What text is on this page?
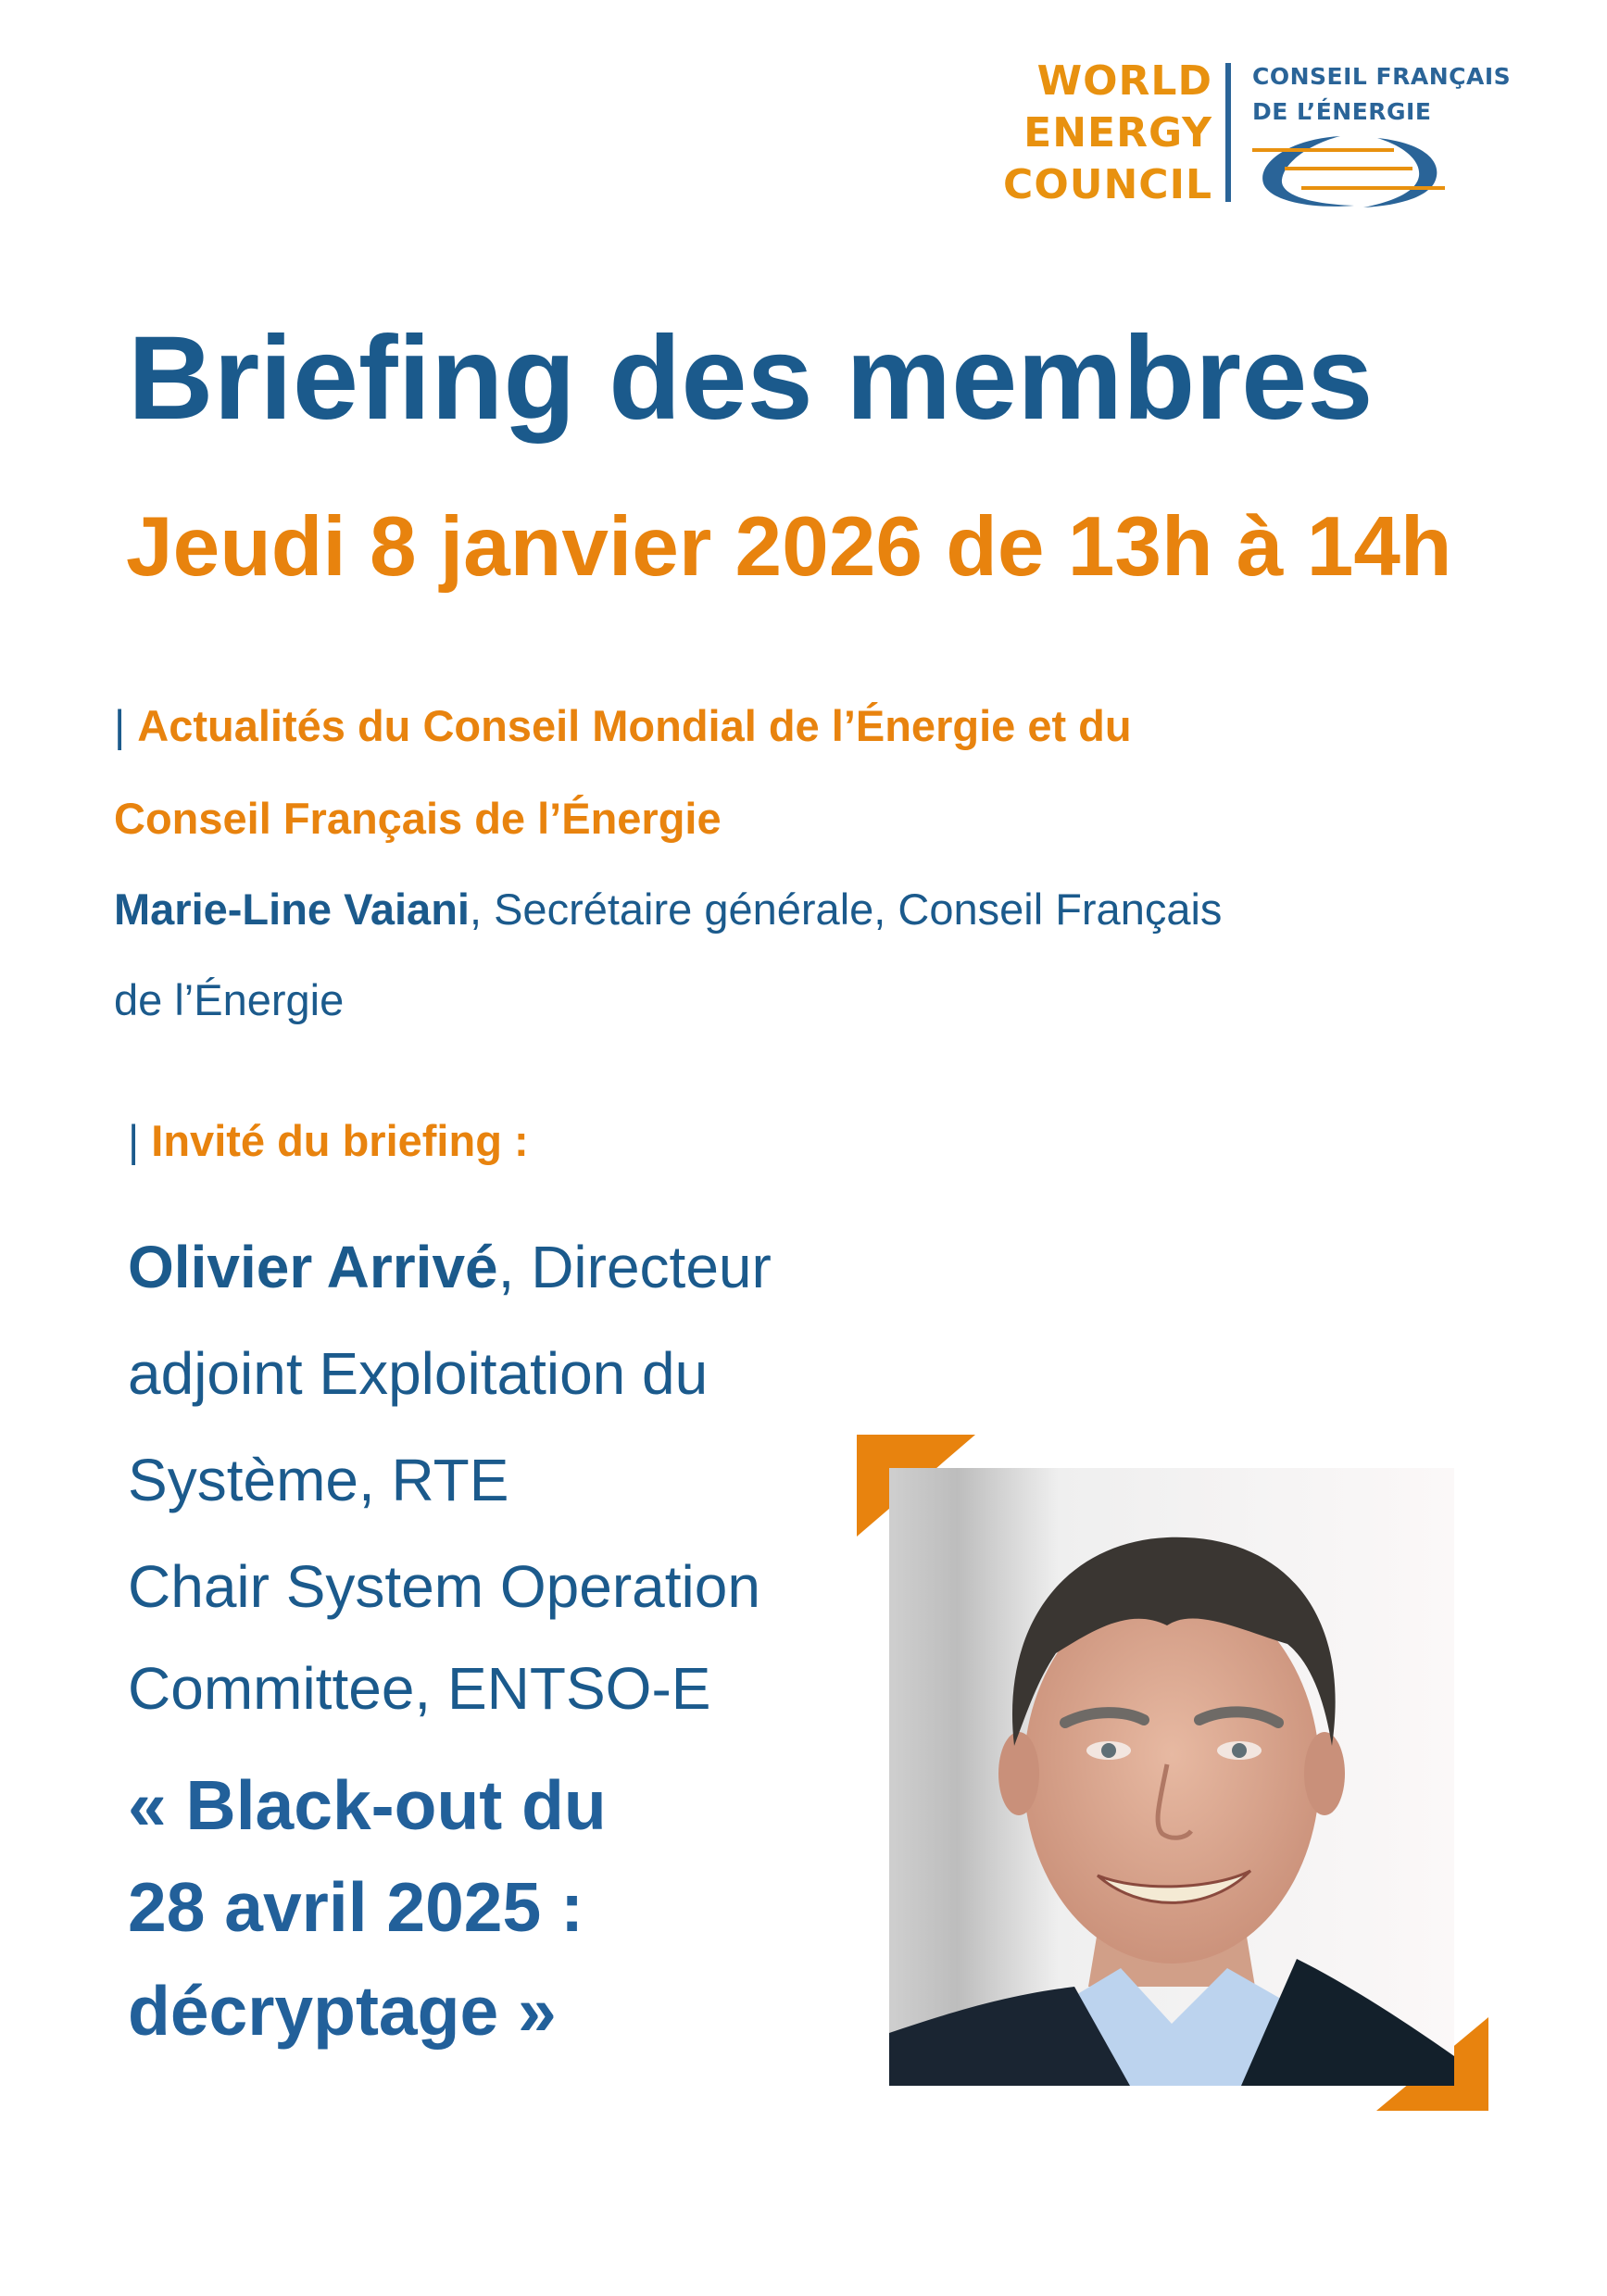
WORLD
ENERGY
COUNCIL
CONSEIL FRANÇAIS
DE L’ÉNERGIE
Briefing des membres
Jeudi 8 janvier 2026 de 13h à 14h
| Actualités du Conseil Mondial de l’Énergie et du
Conseil Français de l’Énergie
Marie-Line Vaiani, Secrétaire générale, Conseil Français
de l’Énergie
| Invité du briefing :
Olivier Arrivé, Directeur
adjoint Exploitation du
Système, RTE
Chair System Operation
Committee, ENTSO-E
« Black-out du
28 avril 2025 :
décryptage »
